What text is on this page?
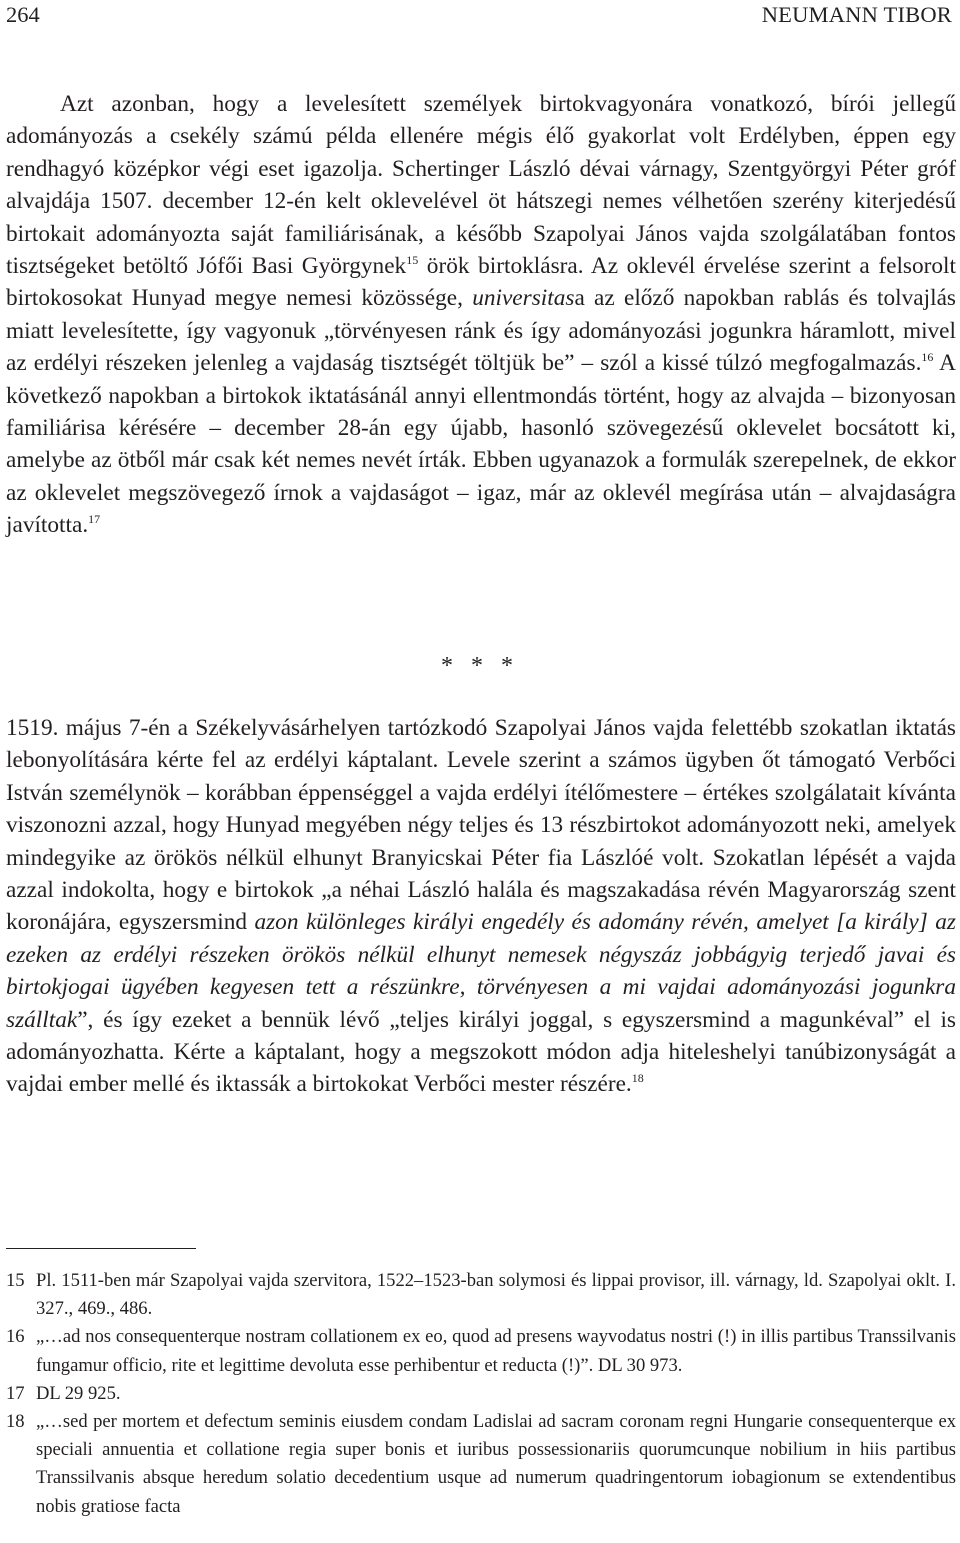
264	NEUMANN TIBOR
Azt azonban, hogy a levelesített személyek birtokvagyonára vonatkozó, bírói jellegű adományozás a csekély számú példa ellenére mégis élő gyakorlat volt Erdélyben, éppen egy rendhagyó középkor végi eset igazolja. Schertinger László dévai várnagy, Szentgyörgyi Péter gróf alvajdája 1507. december 12-én kelt oklevelével öt hátszegi nemes vélhetően szerény kiterjedésű birtokait adományozta saját familiárisának, a később Szapolyai János vajda szolgálatában fontos tisztségeket betöltő Jófői Basi Györgynek$^{15}$ örök birtoklásra. Az oklevél érvelése szerint a felsorolt birtokosokat Hunyad megye nemesi közössége, universitasa az előző napokban rablás és tolvajlás miatt levelesítette, így vagyonuk „törvényesen ránk és így adományozási jogunkra háramlott, mivel az erdélyi részeken jelenleg a vajdaság tisztségét töltjük be” – szól a kissé túlzó megfogalmazás.$^{16}$ A következő napokban a birtokok iktatásánál annyi ellentmondás történt, hogy az alvajda – bizonyosan familiárisa kérésére – december 28-án egy újabb, hasonló szövegezésű oklevelet bocsátott ki, amelybe az ötből már csak két nemes nevét írták. Ebben ugyanazok a formulák szerepelnek, de ekkor az oklevelet megszövegező írnok a vajdaságot – igaz, már az oklevél megírása után – alvajdaságra javította.$^{17}$
* * *
1519. május 7-én a Székelyvásárhelyen tartózkodó Szapolyai János vajda felettébb szokatlan iktatás lebonyolítására kérte fel az erdélyi káptalant. Levele szerint a számos ügyben őt támogató Verbőci István személynök – korábban éppenséggel a vajda erdélyi ítélőmestere – értékes szolgálatait kívánta viszonozni azzal, hogy Hunyad megyében négy teljes és 13 részbirtokot adományozott neki, amelyek mindegyike az örökös nélkül elhunyt Branyicskai Péter fia Lászlóé volt. Szokatlan lépését a vajda azzal indokolta, hogy e birtokok „a néhai László halála és magszakadása révén Magyarország szent koronájára, egyszersmind azon különleges királyi engedély és adomány révén, amelyet [a király] az ezeken az erdélyi részeken örökös nélkül elhunyt nemesek négyszáz jobbágyig terjedő javai és birtokjogai ügyében kegyesen tett a részünkre, törvényesen a mi vajdai adományozási jogunkra szálltak”, és így ezeket a bennük lévő „teljes királyi joggal, s egyszersmind a magunkéval” el is adományozhatta. Kérte a káptalant, hogy a megszokott módon adja hiteleshelyi tanúbizonyságát a vajdai ember mellé és iktassák a birtokokat Verbőci mester részére.$^{18}$
15 Pl. 1511-ben már Szapolyai vajda szervitora, 1522–1523-ban solymosi és lippai provisor, ill. várnagy, ld. Szapolyai oklt. I. 327., 469., 486.
16 „…ad nos consequenterque nostram collationem ex eo, quod ad presens wayvodatus nostri (!) in illis partibus Transsilvanis fungamur officio, rite et legittime devoluta esse perhibentur et reducta (!)”. DL 30 973.
17 DL 29 925.
18 „…sed per mortem et defectum seminis eiusdem condam Ladislai ad sacram coronam regni Hungarie consequenterque ex speciali annuentia et collatione regia super bonis et iuribus possessionariis quorumcunque nobilium in hiis partibus Transsilvanis absque heredum solatio decedentium usque ad numerum quadringentorum iobagionum se extendentibus nobis gratiose facta
